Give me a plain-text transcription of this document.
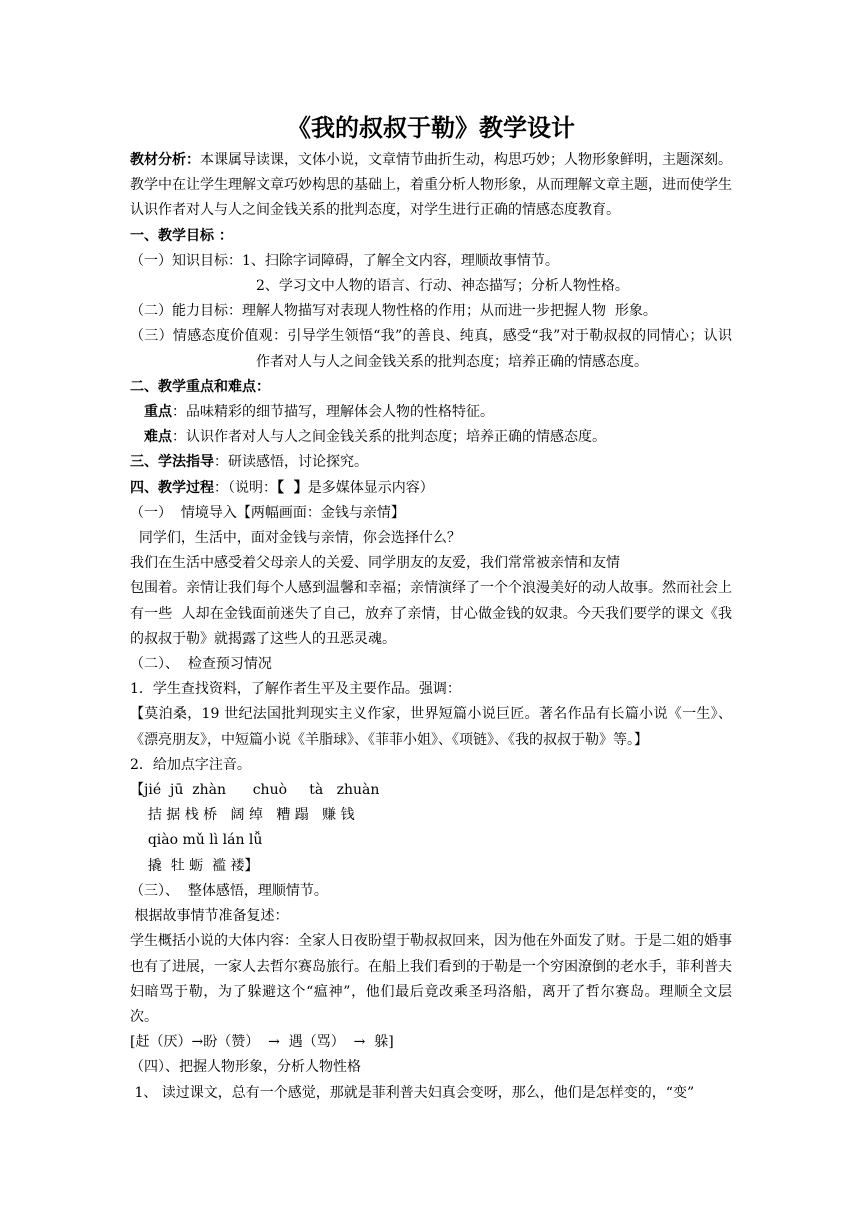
《我的叔叔于勒》教学设计

教材分析：本课属导读课，文体小说，文章情节曲折生动，构思巧妙；人物形象鲜明，主题深刻。教学中在让学生理解文章巧妙构思的基础上，着重分析人物形象，从而理解文章主题，进而使学生认识作者对人与人之间金钱关系的批判态度，对学生进行正确的情感态度教育。

一、教学目标 ：

（一）知识目标：1、扫除字词障碍，了解全文内容，理顺故事情节。

2、学习文中人物的语言、行动、神态描写；分析人物性格。

（二）能力目标：理解人物描写对表现人物性格的作用；从而进一步把握人物  形象。

（三）情感态度价值观：引导学生领悟“我”的善良、纯真，感受“我”对于勒叔叔的同情心；认识作者对人与人之间金钱关系的批判态度；培养正确的情感态度。

二、教学重点和难点：

重点：品味精彩的细节描写，理解体会人物的性格特征。

难点：认识作者对人与人之间金钱关系的批判态度；培养正确的情感态度。

三、学法指导：研读感悟，讨论探究。

四、教学过程：（说明：【  】是多媒体显示内容）

（一）  情境导入【两幅画面：金钱与亲情】

同学们，生活中，面对金钱与亲情，你会选择什么？

我们在生活中感受着父母亲人的关爱、同学朋友的友爱，我们常常被亲情和友情

包围着。亲情让我们每个人感到温馨和幸福；亲情演绎了一个个浪漫美好的动人故事。然而社会上有一些  人却在金钱面前迷失了自己，放弃了亲情，甘心做金钱的奴隶。今天我们要学的课文《我的叔叔于勒》就揭露了这些人的丑恶灵魂。

（二）、  检查预习情况

1．学生查找资料，了解作者生平及主要作品。强调：

【莫泊桑，19 世纪法国批判现实主义作家，世界短篇小说巨匠。著名作品有长篇小说《一生》、《漂亮朋友》，中短篇小说《羊脂球》、《菲菲小姐》、《项链》、《我的叔叔于勒》等。】

2．给加点字注音。

【jié  jū  zhàn      chuò     tà   zhuàn

拮 据 栈 桥   阔 绰   糟 蹋   赚 钱

qiào mǔ lì lán lǚ

撬  牡 蛎  褴 褛】

（三）、  整体感悟，理顺情节。

根据故事情节准备复述：

学生概括小说的大体内容：全家人日夜盼望于勒叔叔回来，因为他在外面发了财。于是二姐的婚事也有了进展，一家人去哲尔赛岛旅行。在船上我们看到的于勒是一个穷困潦倒的老水手，菲利普夫妇暗骂于勒，为了躲避这个“瘟神”，他们最后竟改乘圣玛洛船，离开了哲尔赛岛。理顺全文层次。

[赶（厌）→盼（赞）  →  遇（骂）  →  躲]

（四）、把握人物形象，分析人物性格

1、 读过课文，总有一个感觉，那就是菲利普夫妇真会变呀，那么，他们是怎样变的，“变”
